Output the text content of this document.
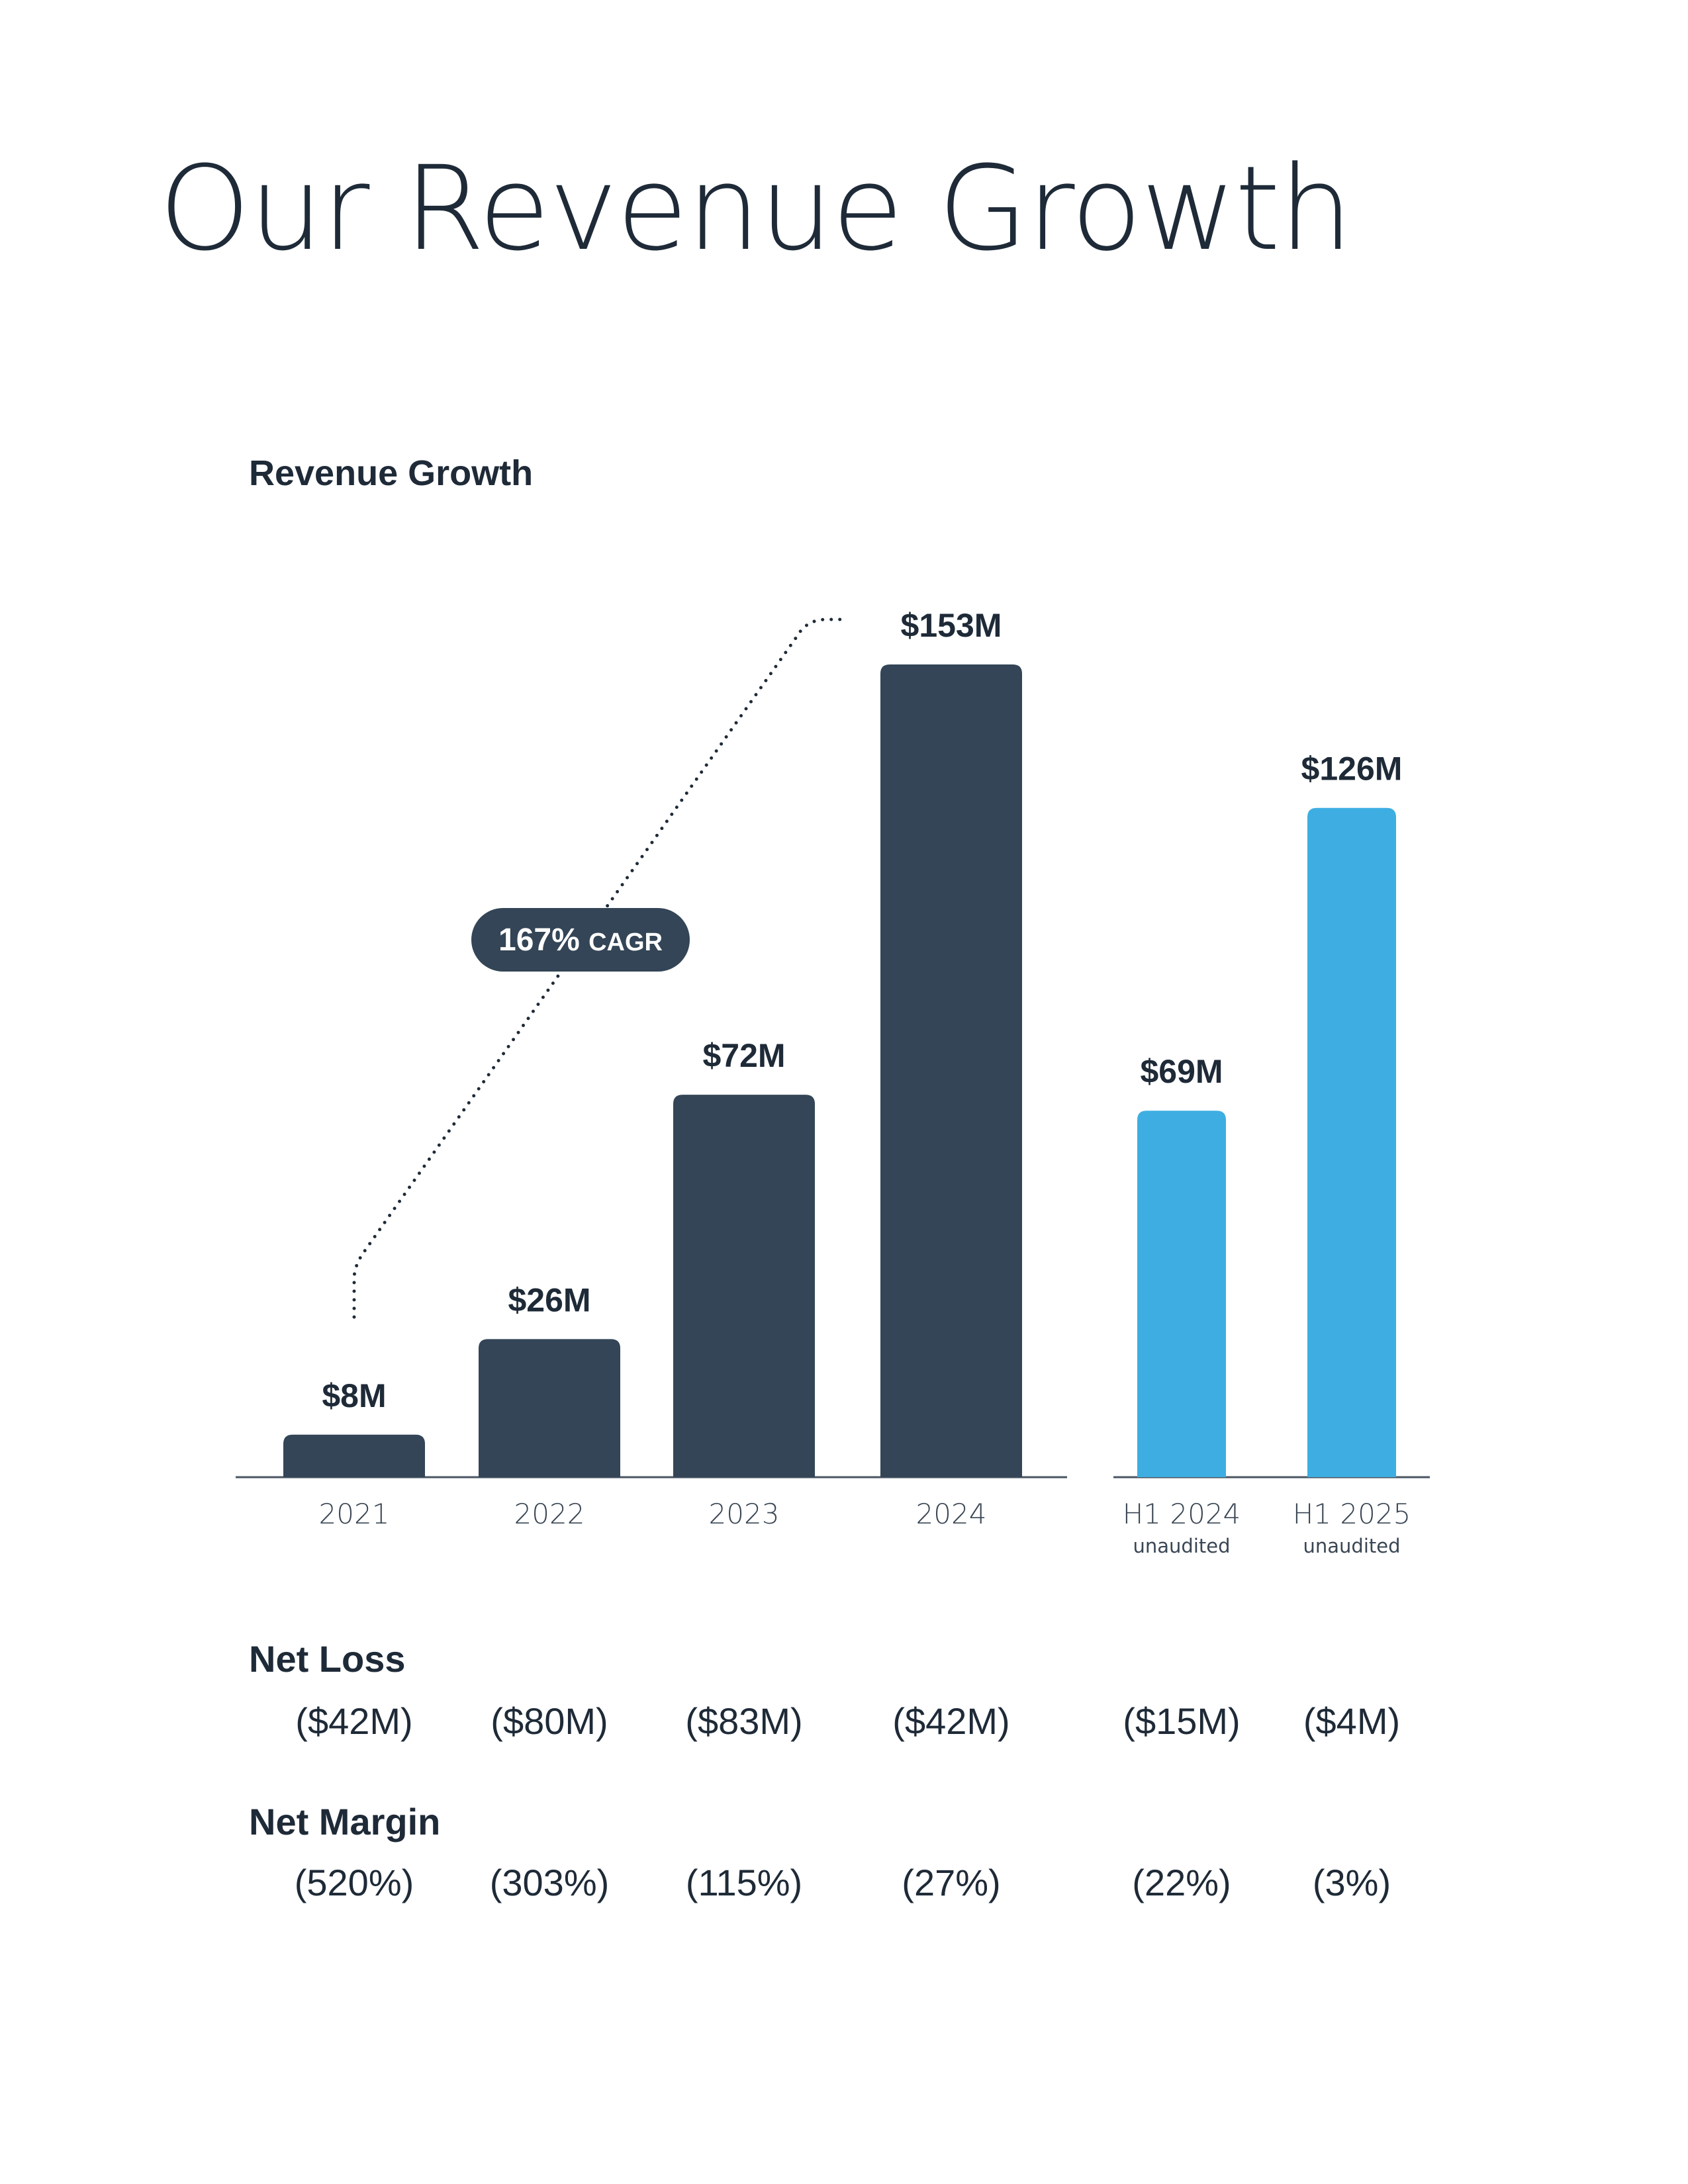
Our Revenue Growth
Revenue Growth
$8M
2021
$26M
2022
$72M
2023
$153M
2024
$69M
H1 2024
unaudited
$126M
H1 2025
unaudited
167% CAGR

Net Loss

($42M)	($80M)	($83M)	($42M)	($15M)	($4M)

Net Margin

(520%)	(303%)	(115%)	(27%)	(22%)	(3%)
